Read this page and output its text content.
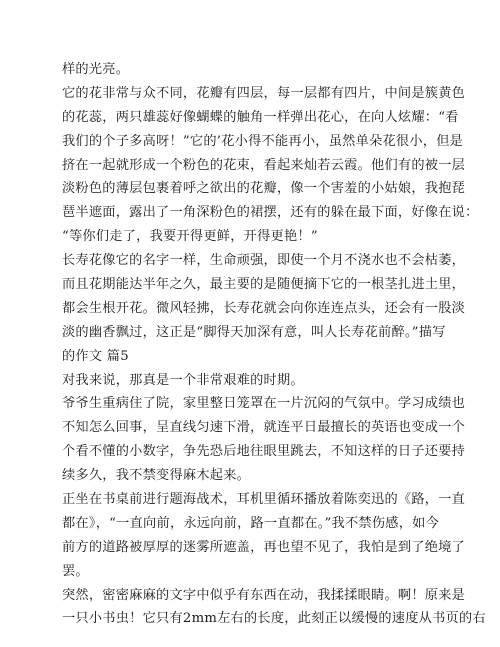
样的光亮。
它的花非常与众不同，花瓣有四层，每一层都有四片，中间是簇黄色
的花蕊，两只雄蕊好像蝴蝶的触角一样弹出花心，在向人炫耀：“看
我们的个子多高呀！”它的’花小得不能再小，虽然单朵花很小，但是
挤在一起就形成一个粉色的花束，看起来灿若云霞。他们有的被一层
淡粉色的薄层包裹着呼之欲出的花瓣，像一个害羞的小姑娘，我抱琵
琶半遮面，露出了一角深粉色的裙摆，还有的躲在最下面，好像在说：
“等你们走了，我要开得更鲜，开得更艳！”
长寿花像它的名字一样，生命顽强，即使一个月不浇水也不会枯萎，
而且花期能达半年之久，最主要的是随便摘下它的一根茎扎进土里，
都会生根开花。微风轻拂，长寿花就会向你连连点头，还会有一股淡
淡的幽香飘过，这正是“脚得天加深有意，叫人长寿花前醉。”描写
的作文 篇5
对我来说，那真是一个非常艰难的时期。
爷爷生重病住了院，家里整日笼罩在一片沉闷的气氛中。学习成绩也
不知怎么回事，呈直线匀速下滑，就连平日最擅长的英语也变成一个
个看不懂的小数字，争先恐后地往眼里跳去，不知这样的日子还要持
续多久，我不禁变得麻木起来。
正坐在书桌前进行题海战术，耳机里循环播放着陈奕迅的《路，一直
都在》，“一直向前，永远向前，路一直都在。”我不禁伤感，如今
前方的道路被厚厚的迷雾所遮盖，再也望不见了，我怕是到了绝境了
罢。
突然，密密麻麻的文字中似乎有东西在动，我揉揉眼睛。啊！原来是
一只小书虫！它只有2mm左右的长度，此刻正以缓慢的速度从书页的右
